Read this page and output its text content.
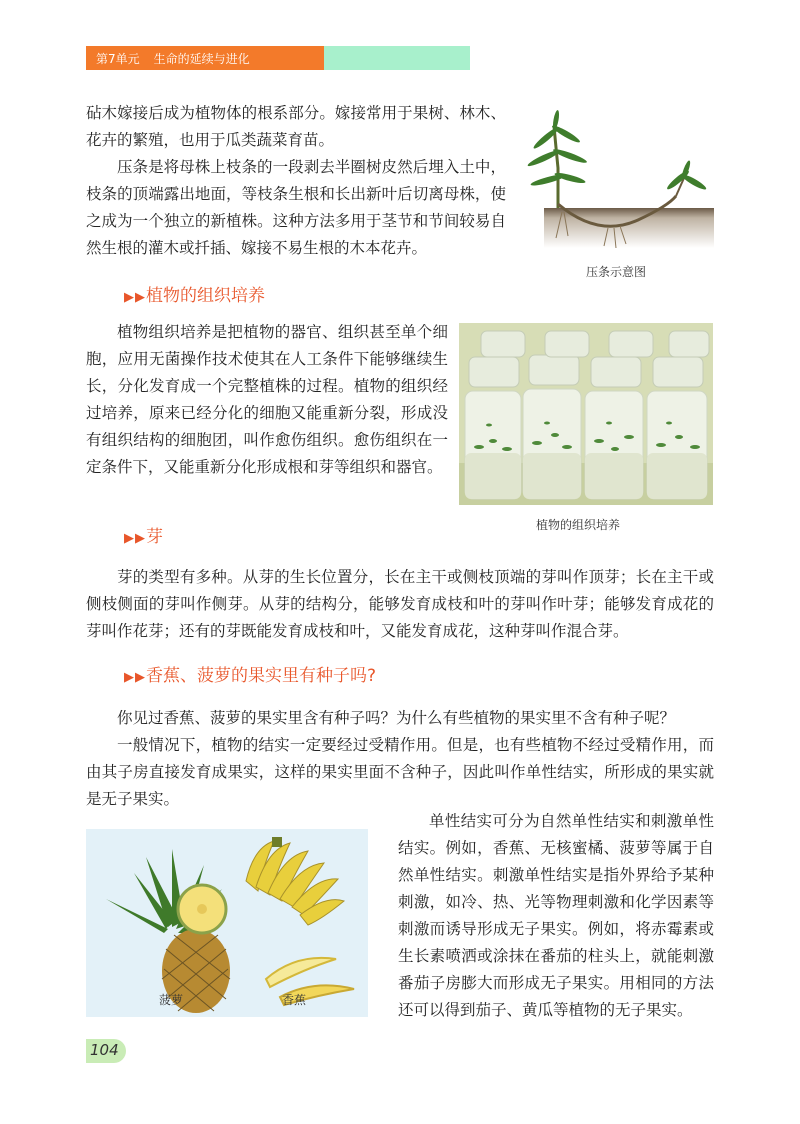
第7单元 生命的延续与进化

砧木嫁接后成为植物体的根系部分。嫁接常用于果树、林木、花卉的繁殖，也用于瓜类蔬菜育苗。

压条是将母株上枝条的一段剥去半圈树皮然后埋入土中，枝条的顶端露出地面，等枝条生根和长出新叶后切离母株，使之成为一个独立的新植株。这种方法多用于茎节和节间较易自然生根的灌木或扦插、嫁接不易生根的木本花卉。

压条示意图
▶▶植物的组织培养

植物组织培养是把植物的器官、组织甚至单个细胞，应用无菌操作技术使其在人工条件下能够继续生长，分化发育成一个完整植株的过程。植物的组织经过培养，原来已经分化的细胞又能重新分裂，形成没有组织结构的细胞团，叫作愈伤组织。愈伤组织在一定条件下，又能重新分化形成根和芽等组织和器官。

植物的组织培养
▶▶芽

芽的类型有多种。从芽的生长位置分，长在主干或侧枝顶端的芽叫作顶芽；长在主干或侧枝侧面的芽叫作侧芽。从芽的结构分，能够发育成枝和叶的芽叫作叶芽；能够发育成花的芽叫作花芽；还有的芽既能发育成枝和叶，又能发育成花，这种芽叫作混合芽。

▶▶香蕉、菠萝的果实里有种子吗?

你见过香蕉、菠萝的果实里含有种子吗？为什么有些植物的果实里不含有种子呢？

一般情况下，植物的结实一定要经过受精作用。但是，也有些植物不经过受精作用，而由其子房直接发育成果实，这样的果实里面不含种子，因此叫作单性结实，所形成的果实就是无子果实。

菠萝	香蕉

单性结实可分为自然单性结实和刺激单性结实。例如，香蕉、无核蜜橘、菠萝等属于自然单性结实。刺激单性结实是指外界给予某种刺激，如冷、热、光等物理刺激和化学因素等刺激而诱导形成无子果实。例如，将赤霉素或生长素喷洒或涂抹在番茄的柱头上，就能刺激番茄子房膨大而形成无子果实。用相同的方法还可以得到茄子、黄瓜等植物的无子果实。

104
